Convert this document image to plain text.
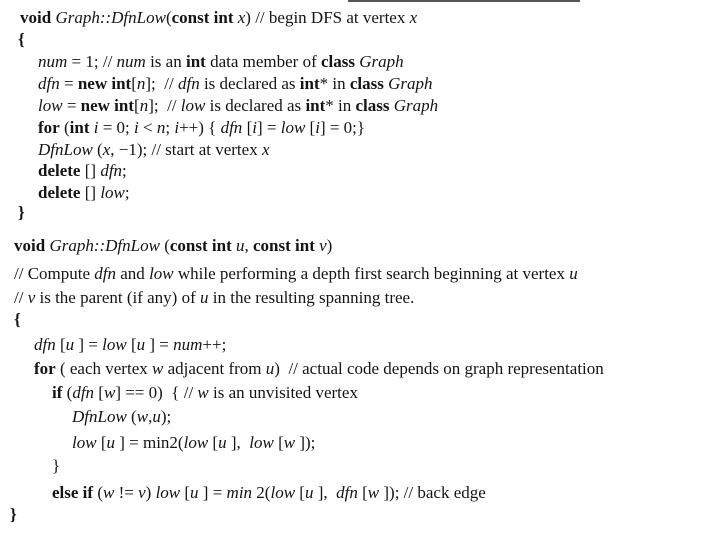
void Graph::DfnLow(const int x) // begin DFS at vertex x
{
num = 1; // num is an int data member of class Graph
dfn = new int[n];  // dfn is declared as int* in class Graph
low = new int[n];  // low is declared as int* in class Graph
for (int i = 0; i < n; i++) { dfn [i] = low [i] = 0;}
DfnLow (x, −1); // start at vertex x
delete [] dfn;
delete [] low;
}
void Graph::DfnLow (const int u, const int v)
// Compute dfn and low while performing a depth first search beginning at vertex u
// v is the parent (if any) of u in the resulting spanning tree.
{
dfn [u ] = low [u ] = num++;
for ( each vertex w adjacent from u)  // actual code depends on graph representation
if (dfn [w] == 0)  { // w is an unvisited vertex
DfnLow (w,u);
low [u ] = min2(low [u ],  low [w ]);
}
else if (w != v) low [u ] = min 2(low [u ],  dfn [w ]); // back edge
}
